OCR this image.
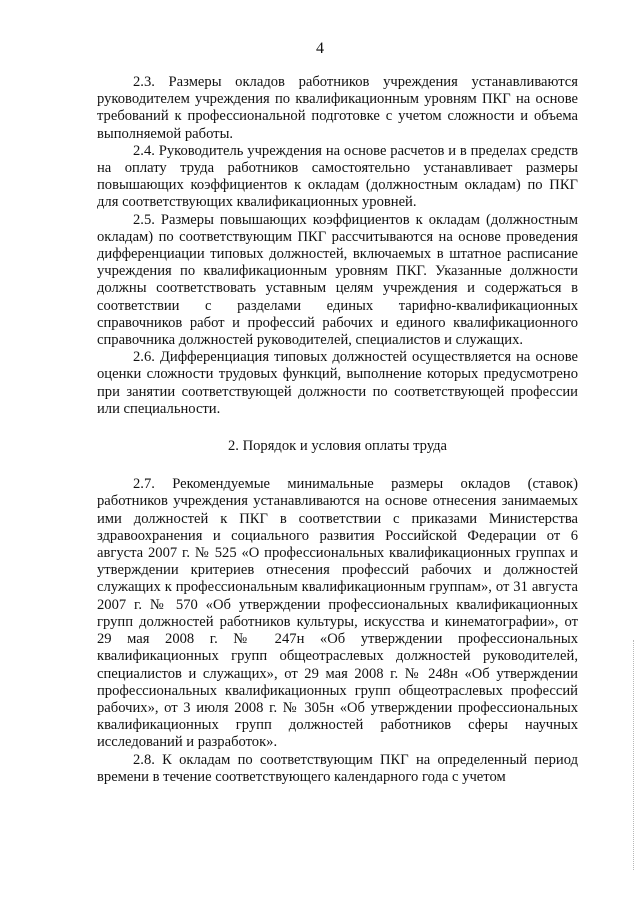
4

2.3. Размеры окладов работников учреждения устанавливаются руководителем учреждения по квалификационным уровням ПКГ на основе требований к профессиональной подготовке с учетом сложности и объема выполняемой работы.

2.4. Руководитель учреждения на основе расчетов и в пределах средств на оплату труда работников самостоятельно устанавливает размеры повышающих коэффициентов к окладам (должностным окладам) по ПКГ для соответствующих квалификационных уровней.

2.5. Размеры повышающих коэффициентов к окладам (должностным окладам) по соответствующим ПКГ рассчитываются на основе проведения дифференциации типовых должностей, включаемых в штатное расписание учреждения по квалификационным уровням ПКГ. Указанные должности должны соответствовать уставным целям учреждения и содержаться в соответствии с разделами единых тарифно-квалификационных справочников работ и профессий рабочих и единого квалификационного справочника должностей руководителей, специалистов и служащих.

2.6. Дифференциация типовых должностей осуществляется на основе оценки сложности трудовых функций, выполнение которых предусмотрено при занятии соответствующей должности по соответствующей профессии или специальности.

2. Порядок и условия оплаты труда

2.7. Рекомендуемые минимальные размеры окладов (ставок) работников учреждения устанавливаются на основе отнесения занимаемых ими должностей к ПКГ в соответствии с приказами Министерства здравоохранения и социального развития Российской Федерации от 6 августа 2007 г. № 525 «О профессиональных квалификационных группах и утверждении критериев отнесения профессий рабочих и должностей служащих к профессиональным квалификационным группам», от 31 августа 2007 г. № 570 «Об утверждении профессиональных квалификационных групп должностей работников культуры, искусства и кинематографии», от 29 мая 2008 г. № 247н «Об утверждении профессиональных квалификационных групп общеотраслевых должностей руководителей, специалистов и служащих», от 29 мая 2008 г. № 248н «Об утверждении профессиональных квалификационных групп общеотраслевых профессий рабочих», от 3 июля 2008 г. № 305н «Об утверждении профессиональных квалификационных групп должностей работников сферы научных исследований и разработок».

2.8. К окладам по соответствующим ПКГ на определенный период времени в течение соответствующего календарного года с учетом
